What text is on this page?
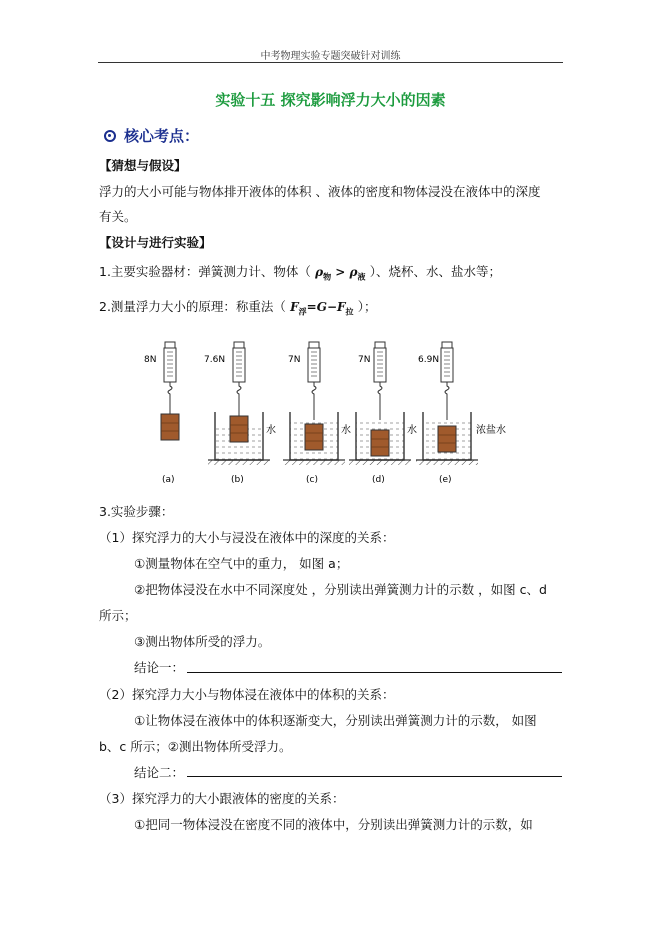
中考物理实验专题突破针对训练
实验十五 探究影响浮力大小的因素
核心考点：
【猜想与假设】
浮力的大小可能与物体排开液体的体积 、液体的密度和物体浸没在液体中的深度
有关。
【设计与进行实验】
1.主要实验器材：弹簧测力计、物体（ $\rho_物 > \rho_液$ ）、烧杯、水、盐水等；
2.测量浮力大小的原理：称重法（ $F_浮=G-F_拉$ ）；
8N	7.6N	7N	7N	6.9N
水	水	水	浓盐水
(a)	(b)	(c)	(d)	(e)
3.实验步骤：
（1）探究浮力的大小与浸没在液体中的深度的关系：
①测量物体在空气中的重力， 如图 a；
②把物体浸没在水中不同深度处 ，分别读出弹簧测力计的示数 ，如图 c、d
所示；
③测出物体所受的浮力。
结论一：
（2）探究浮力大小与物体浸在液体中的体积的关系：
①让物体浸在液体中的体积逐渐变大，分别读出弹簧测力计的示数， 如图
b、c 所示；②测出物体所受浮力。
结论二：
（3）探究浮力的大小跟液体的密度的关系：
①把同一物体浸没在密度不同的液体中，分别读出弹簧测力计的示数，如
